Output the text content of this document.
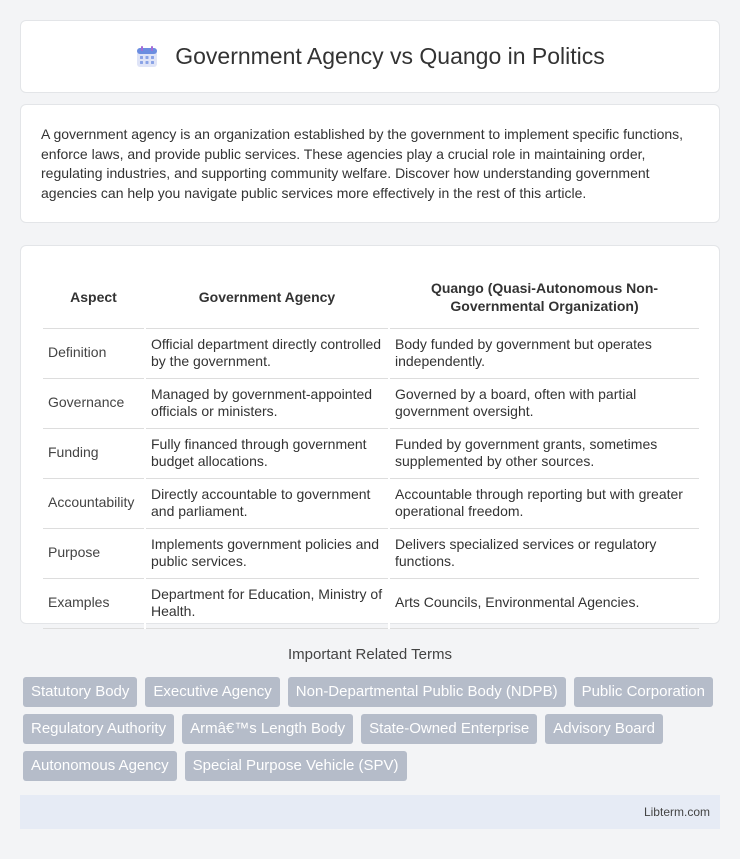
Government Agency vs Quango in Politics

A government agency is an organization established by the government to implement specific functions, enforce laws, and provide public services. These agencies play a crucial role in maintaining order, regulating industries, and supporting community welfare. Discover how understanding government agencies can help you navigate public services more effectively in the rest of this article.

Aspect	Government Agency	Quango (Quasi-Autonomous Non-Governmental Organization)
Definition	Official department directly controlled by the government.	Body funded by government but operates independently.
Governance	Managed by government-appointed officials or ministers.	Governed by a board, often with partial government oversight.
Funding	Fully financed through government budget allocations.	Funded by government grants, sometimes supplemented by other sources.
Accountability	Directly accountable to government and parliament.	Accountable through reporting but with greater operational freedom.
Purpose	Implements government policies and public services.	Delivers specialized services or regulatory functions.
Examples	Department for Education, Ministry of Health.	Arts Councils, Environmental Agencies.
Important Related Terms
Statutory Body	Executive Agency	Non-Departmental Public Body (NDPB)	Public Corporation
Regulatory Authority	Armâ€™s Length Body	State-Owned Enterprise	Advisory Board
Autonomous Agency	Special Purpose Vehicle (SPV)
Libterm.com
